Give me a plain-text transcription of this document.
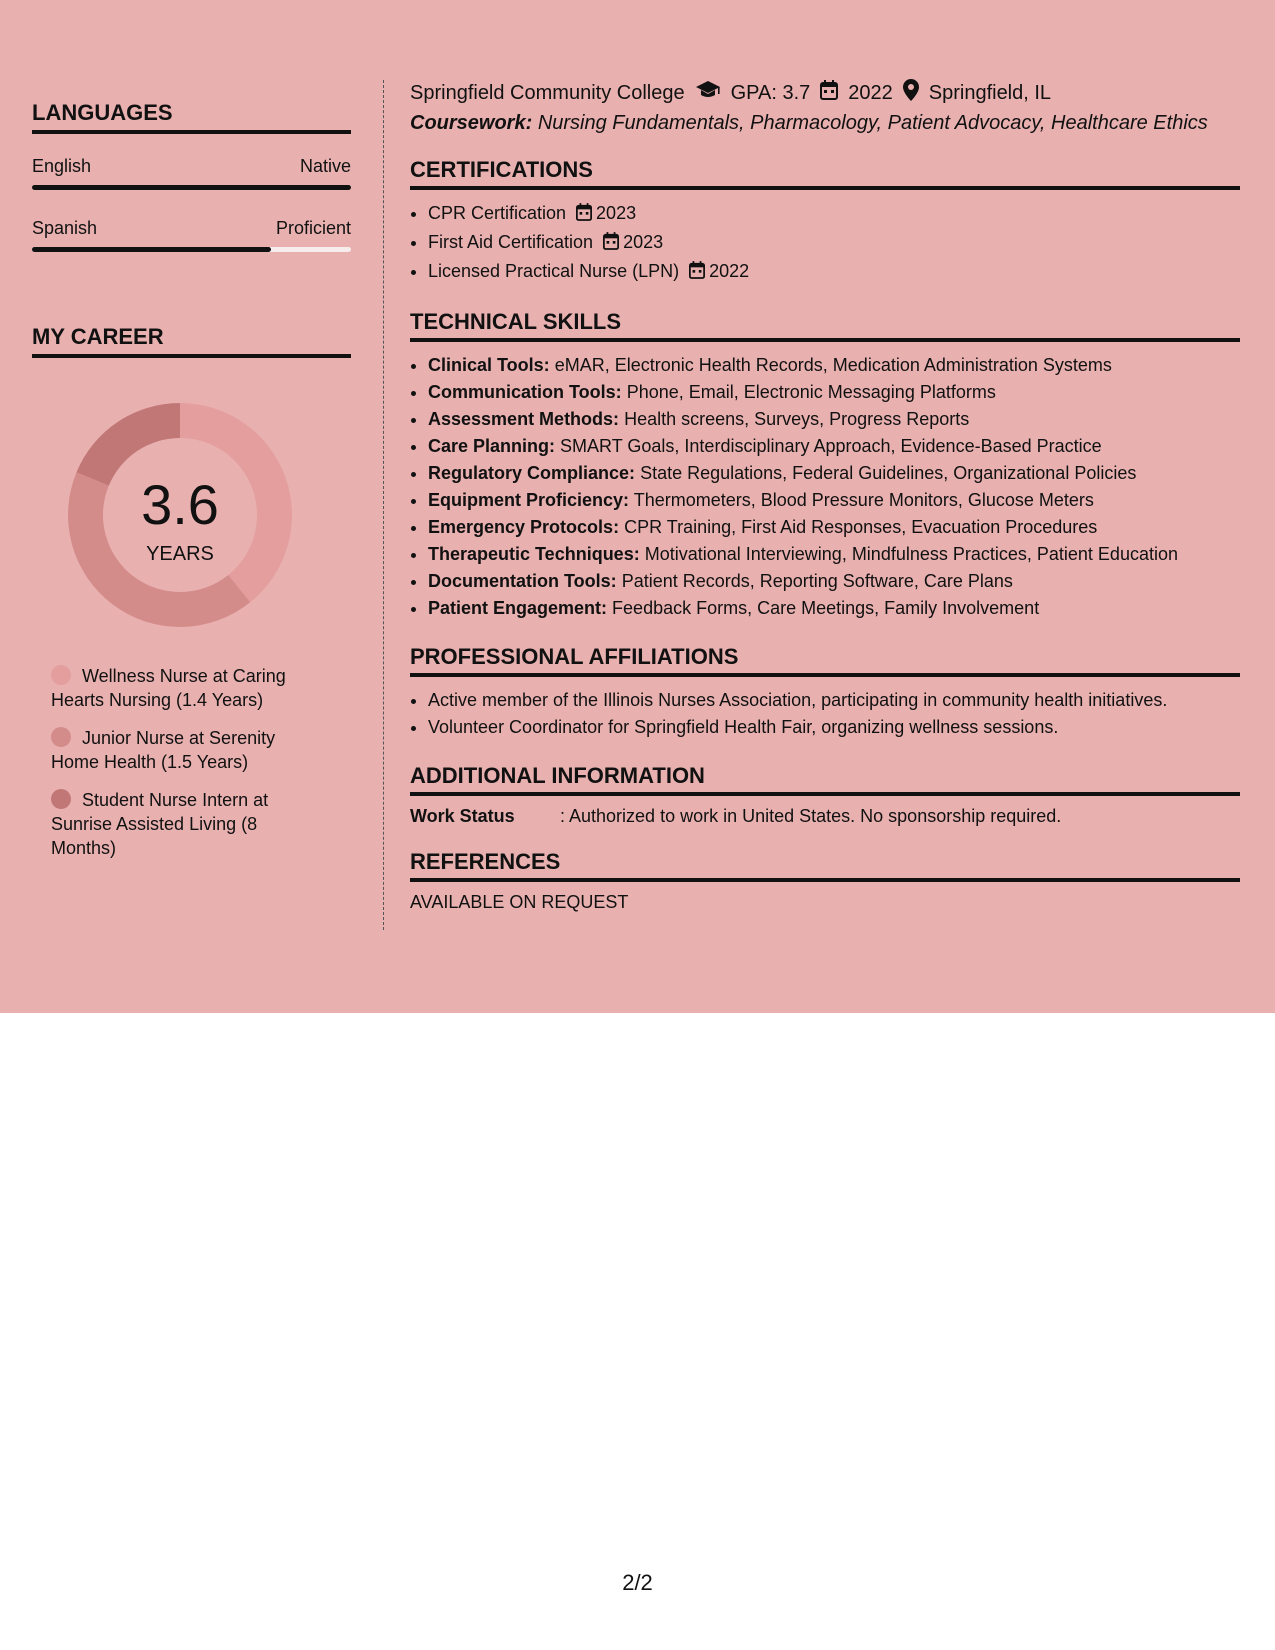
LANGUAGES
English	Native
Spanish	Proficient
MY CAREER
3.6
YEARS
Wellness Nurse at Caring Hearts Nursing (1.4 Years)
Junior Nurse at Serenity Home Health (1.5 Years)
Student Nurse Intern at Sunrise Assisted Living (8 Months)
Springfield Community College GPA: 3.7 2022 Springfield, IL
Coursework: Nursing Fundamentals, Pharmacology, Patient Advocacy, Healthcare Ethics
CERTIFICATIONS
• CPR Certification 2023
• First Aid Certification 2023
• Licensed Practical Nurse (LPN) 2022
TECHNICAL SKILLS
• Clinical Tools: eMAR, Electronic Health Records, Medication Administration Systems
• Communication Tools: Phone, Email, Electronic Messaging Platforms
• Assessment Methods: Health screens, Surveys, Progress Reports
• Care Planning: SMART Goals, Interdisciplinary Approach, Evidence-Based Practice
• Regulatory Compliance: State Regulations, Federal Guidelines, Organizational Policies
• Equipment Proficiency: Thermometers, Blood Pressure Monitors, Glucose Meters
• Emergency Protocols: CPR Training, First Aid Responses, Evacuation Procedures
• Therapeutic Techniques: Motivational Interviewing, Mindfulness Practices, Patient Education
• Documentation Tools: Patient Records, Reporting Software, Care Plans
• Patient Engagement: Feedback Forms, Care Meetings, Family Involvement
PROFESSIONAL AFFILIATIONS
• Active member of the Illinois Nurses Association, participating in community health initiatives.
• Volunteer Coordinator for Springfield Health Fair, organizing wellness sessions.
ADDITIONAL INFORMATION
Work Status	: Authorized to work in United States. No sponsorship required.
REFERENCES
AVAILABLE ON REQUEST
2/2
